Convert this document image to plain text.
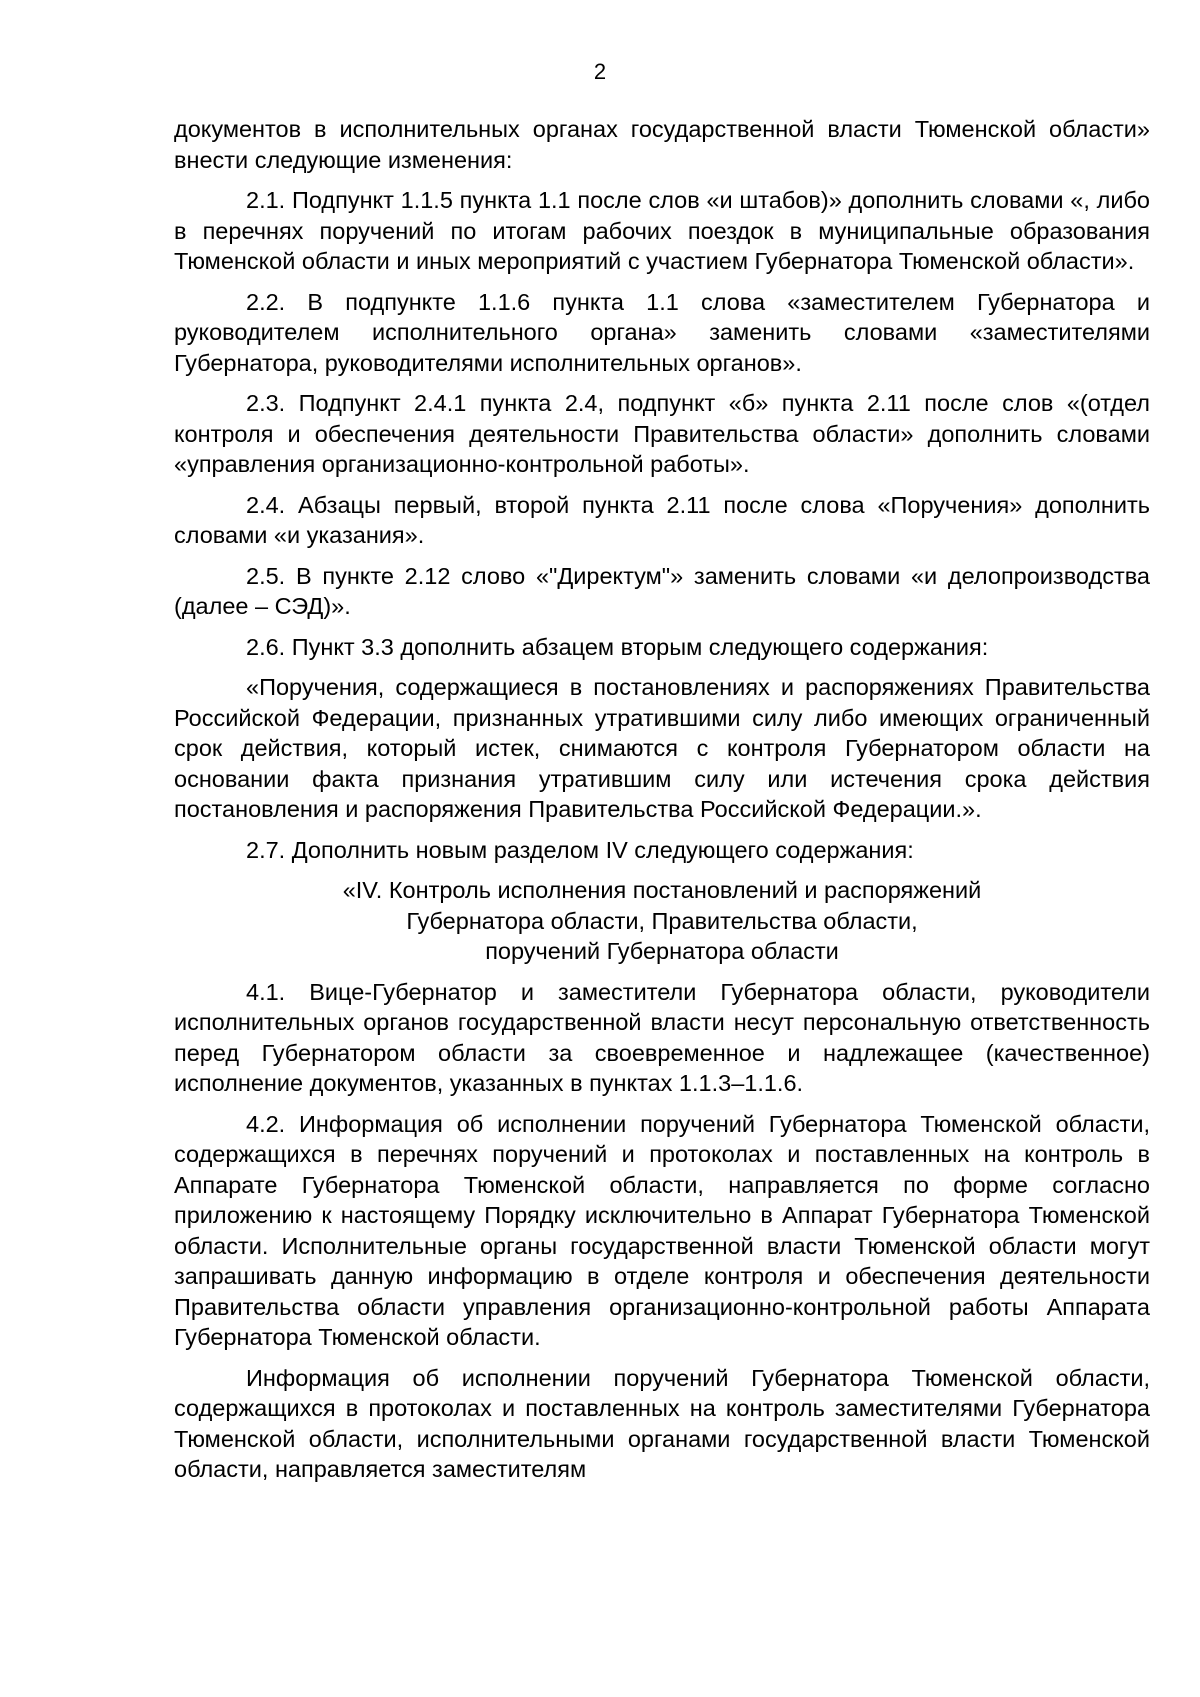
2

документов в исполнительных органах государственной власти Тюменской области» внести следующие изменения:

2.1. Подпункт 1.1.5 пункта 1.1 после слов «и штабов)» дополнить словами «, либо в перечнях поручений по итогам рабочих поездок в муниципальные образования Тюменской области и иных мероприятий с участием Губернатора Тюменской области».

2.2. В подпункте 1.1.6 пункта 1.1 слова «заместителем Губернатора и руководителем исполнительного органа» заменить словами «заместителями Губернатора, руководителями исполнительных органов».

2.3. Подпункт 2.4.1 пункта 2.4, подпункт «б» пункта 2.11 после слов «(отдел контроля и обеспечения деятельности Правительства области» дополнить словами «управления организационно-контрольной работы».

2.4. Абзацы первый, второй пункта 2.11 после слова «Поручения» дополнить словами «и указания».

2.5. В пункте 2.12 слово «"Директум"» заменить словами «и делопроизводства (далее – СЭД)».

2.6. Пункт 3.3 дополнить абзацем вторым следующего содержания:

«Поручения, содержащиеся в постановлениях и распоряжениях Правительства Российской Федерации, признанных утратившими силу либо имеющих ограниченный срок действия, который истек, снимаются с контроля Губернатором области на основании факта признания утратившим силу или истечения срока действия постановления и распоряжения Правительства Российской Федерации.».

2.7. Дополнить новым разделом IV следующего содержания:

«IV. Контроль исполнения постановлений и распоряжений
Губернатора области, Правительства области,
поручений Губернатора области

4.1. Вице-Губернатор и заместители Губернатора области, руководители исполнительных органов государственной власти несут персональную ответственность перед Губернатором области за своевременное и надлежащее (качественное) исполнение документов, указанных в пунктах 1.1.3–1.1.6.

4.2. Информация об исполнении поручений Губернатора Тюменской области, содержащихся в перечнях поручений и протоколах и поставленных на контроль в Аппарате Губернатора Тюменской области, направляется по форме согласно приложению к настоящему Порядку исключительно в Аппарат Губернатора Тюменской области. Исполнительные органы государственной власти Тюменской области могут запрашивать данную информацию в отделе контроля и обеспечения деятельности Правительства области управления организационно-контрольной работы Аппарата Губернатора Тюменской области.

Информация об исполнении поручений Губернатора Тюменской области, содержащихся в протоколах и поставленных на контроль заместителями Губернатора Тюменской области, исполнительными органами государственной власти Тюменской области, направляется заместителям
